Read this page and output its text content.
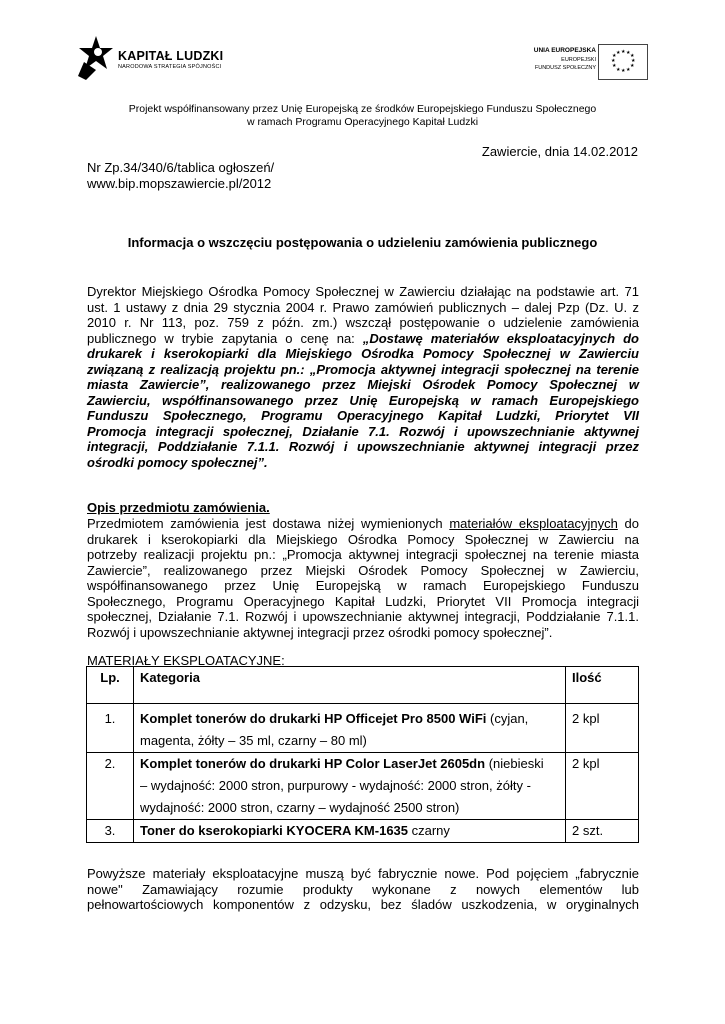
KAPITAŁ LUDZKI
NARODOWA STRATEGIA SPÓJNOŚCI
UNIA EUROPEJSKA
EUROPEJSKI
FUNDUSZ SPOŁECZNY
★ ★ ★
★
★
★
★
★
★
★
★ ★

Projekt współfinansowany przez Unię Europejską ze środków Europejskiego Funduszu Społecznego

w ramach Programu Operacyjnego Kapitał Ludzki

Zawiercie, dnia 14.02.2012
Nr Zp.34/340/6/tablica ogłoszeń/
www.bip.mopszawiercie.pl/2012
Informacja o wszczęciu postępowania o udzieleniu zamówienia publicznego
Dyrektor Miejskiego Ośrodka Pomocy Społecznej w Zawierciu działając na podstawie art. 71
ust. 1 ustawy z dnia 29 stycznia 2004 r. Prawo zamówień publicznych – dalej Pzp (Dz. U. z
2010 r. Nr 113, poz. 759 z późn. zm.) wszczął postępowanie o udzielenie zamówienia
publicznego w trybie zapytania o cenę na: „Dostawę materiałów eksploatacyjnych do
drukarek i kserokopiarki dla Miejskiego Ośrodka Pomocy Społecznej w Zawierciu
związaną z realizacją projektu pn.: „Promocja aktywnej integracji społecznej na terenie
miasta Zawiercie”, realizowanego przez Miejski Ośrodek Pomocy Społecznej w
Zawierciu, współfinansowanego przez Unię Europejską w ramach Europejskiego
Funduszu Społecznego, Programu Operacyjnego Kapitał Ludzki, Priorytet VII
Promocja integracji społecznej, Działanie 7.1. Rozwój i upowszechnianie aktywnej
integracji, Poddziałanie 7.1.1. Rozwój i upowszechnianie aktywnej integracji przez
ośrodki pomocy społecznej”.
Opis przedmiotu zamówienia.
Przedmiotem zamówienia jest dostawa niżej wymienionych materiałów eksploatacyjnych do
drukarek i kserokopiarki dla Miejskiego Ośrodka Pomocy Społecznej w Zawierciu na
potrzeby realizacji projektu pn.: „Promocja aktywnej integracji społecznej na terenie miasta
Zawiercie”, realizowanego przez Miejski Ośrodek Pomocy Społecznej w Zawierciu,
współfinansowanego przez Unię Europejską w ramach Europejskiego Funduszu
Społecznego, Programu Operacyjnego Kapitał Ludzki, Priorytet VII Promocja integracji
społecznej, Działanie 7.1. Rozwój i upowszechnianie aktywnej integracji, Poddziałanie 7.1.1.
Rozwój i upowszechnianie aktywnej integracji przez ośrodki pomocy społecznej”.
MATERIAŁY EKSPLOATACYJNE:
Lp.	Kategoria	Ilość
1.	Komplet tonerów do drukarki HP Officejet Pro 8500 WiFi (cyjan,
magenta, żółty – 35 ml, czarny – 80 ml)	2 kpl
2.	Komplet tonerów do drukarki HP Color LaserJet 2605dn (niebieski
– wydajność: 2000 stron, purpurowy - wydajność: 2000 stron, żółty -
wydajność: 2000 stron, czarny – wydajność 2500 stron)	2 kpl
3.	Toner do kserokopiarki KYOCERA KM-1635 czarny	2 szt.
Powyższe materiały eksploatacyjne muszą być fabrycznie nowe. Pod pojęciem „fabrycznie
nowe" Zamawiający rozumie produkty wykonane z nowych elementów lub
pełnowartościowych komponentów z odzysku, bez śladów uszkodzenia, w oryginalnych
